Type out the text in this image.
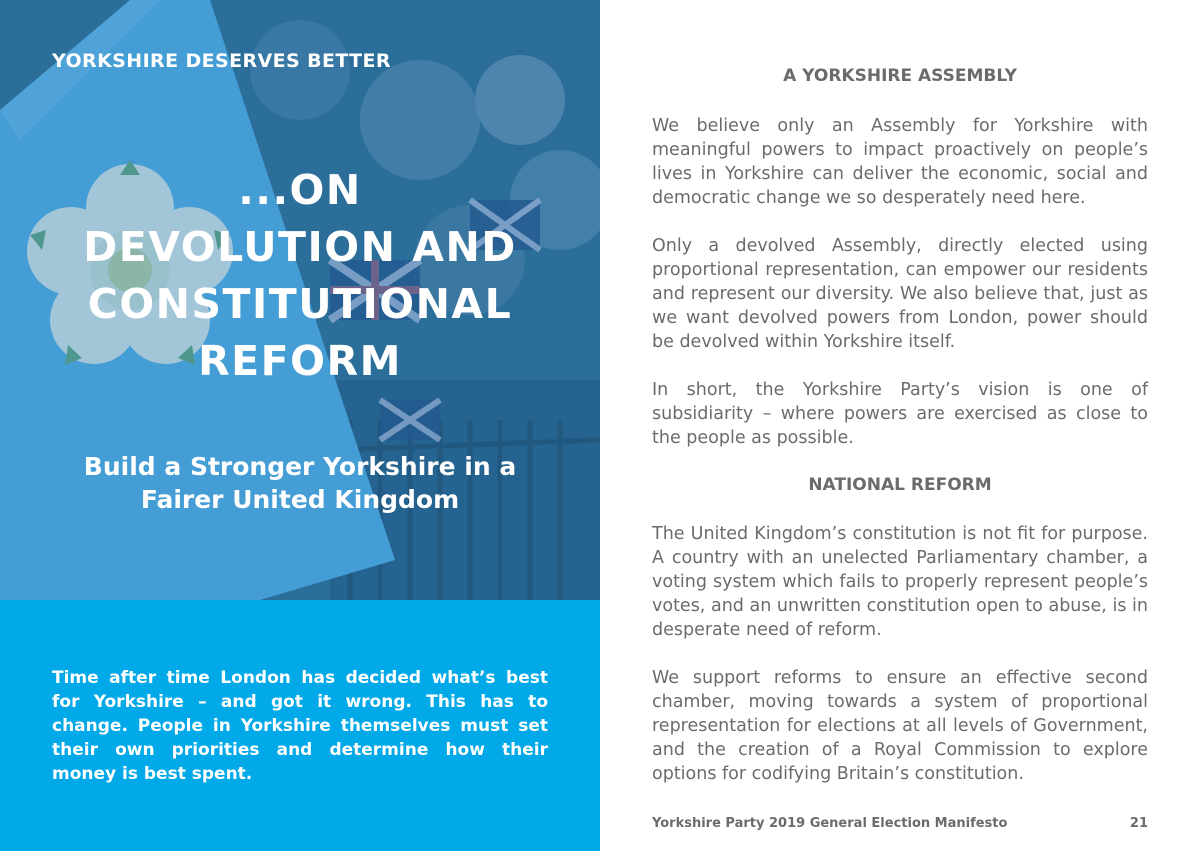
YORKSHIRE DESERVES BETTER
...ON
DEVOLUTION AND
CONSTITUTIONAL
REFORM
Build a Stronger Yorkshire in a
Fairer United Kingdom

Time after time London has decided what’s best for Yorkshire – and got it wrong. This has to change. People in Yorkshire themselves must set their own priorities and determine how their money is best spent.

A YORKSHIRE ASSEMBLY

We believe only an Assembly for Yorkshire with meaningful powers to impact proactively on people’s lives in Yorkshire can deliver the economic, social and democratic change we so desperately need here.

Only a devolved Assembly, directly elected using proportional representation, can empower our residents and represent our diversity. We also believe that, just as we want devolved powers from London, power should be devolved within Yorkshire itself.

In short, the Yorkshire Party’s vision is one of subsidiarity – where powers are exercised as close to the people as possible.

NATIONAL REFORM

The United Kingdom’s constitution is not fit for purpose. A country with an unelected Parliamentary chamber, a voting system which fails to properly represent people’s votes, and an unwritten constitution open to abuse, is in desperate need of reform.

We support reforms to ensure an effective second chamber, moving towards a system of proportional representation for elections at all levels of Government, and the creation of a Royal Commission to explore options for codifying Britain’s constitution.

Yorkshire Party 2019 General Election Manifesto	21
